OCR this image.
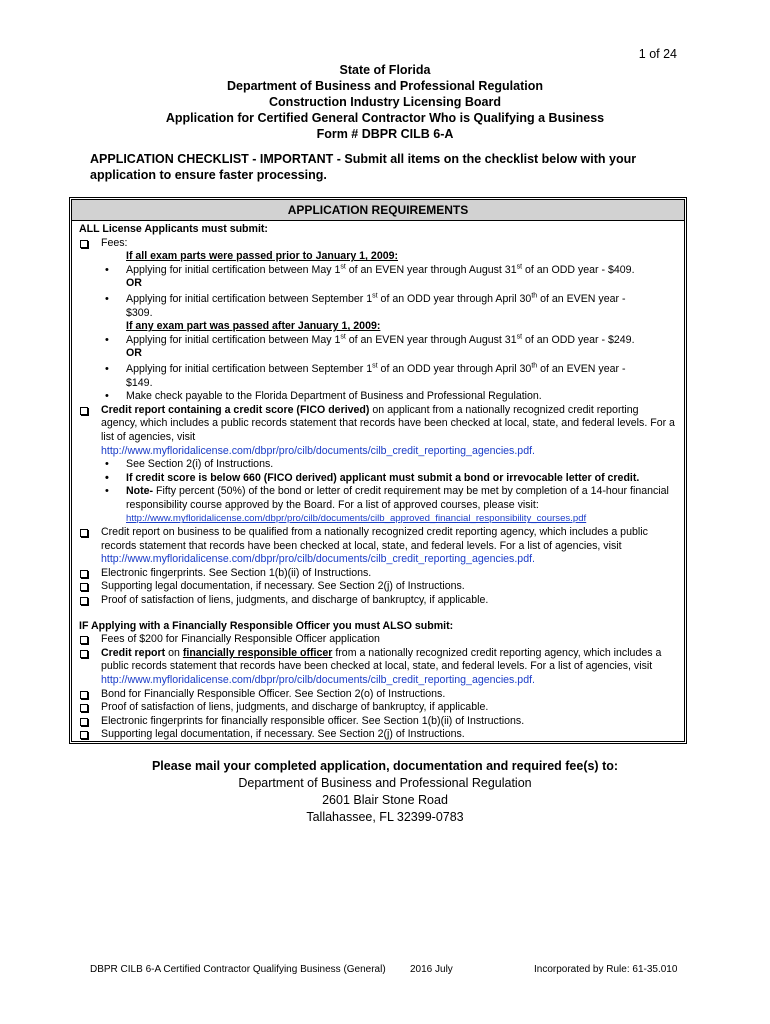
1 of 24
State of Florida
Department of Business and Professional Regulation
Construction Industry Licensing Board
Application for Certified General Contractor Who is Qualifying a Business
Form # DBPR CILB 6-A
APPLICATION CHECKLIST - IMPORTANT - Submit all items on the checklist below with your application to ensure faster processing.
APPLICATION REQUIREMENTS
ALL License Applicants must submit:
Fees:
If all exam parts were passed prior to January 1, 2009:
• Applying for initial certification between May 1st of an EVEN year through August 31st of an ODD year - $409.
OR
• Applying for initial certification between September 1st of an ODD year through April 30th of an EVEN year -
$309.
If any exam part was passed after January 1, 2009:
• Applying for initial certification between May 1st of an EVEN year through August 31st of an ODD year - $249.
OR
• Applying for initial certification between September 1st of an ODD year through April 30th of an EVEN year -
$149.
• Make check payable to the Florida Department of Business and Professional Regulation.
Credit report containing a credit score (FICO derived) on applicant from a nationally recognized credit reporting agency, which includes a public records statement that records have been checked at local, state, and federal levels. For a list of agencies, visit
http://www.myfloridalicense.com/dbpr/pro/cilb/documents/cilb_credit_reporting_agencies.pdf.
• See Section 2(i) of Instructions.
• If credit score is below 660 (FICO derived) applicant must submit a bond or irrevocable letter of credit.
• Note- Fifty percent (50%) of the bond or letter of credit requirement may be met by completion of a 14-hour financial responsibility course approved by the Board. For a list of approved courses, please visit:
http://www.myfloridalicense.com/dbpr/pro/cilb/documents/cilb_approved_financial_responsibility_courses.pdf
Credit report on business to be qualified from a nationally recognized credit reporting agency, which includes a public records statement that records have been checked at local, state, and federal levels. For a list of agencies, visit
http://www.myfloridalicense.com/dbpr/pro/cilb/documents/cilb_credit_reporting_agencies.pdf.
Electronic fingerprints. See Section 1(b)(ii) of Instructions.
Supporting legal documentation, if necessary. See Section 2(j) of Instructions.
Proof of satisfaction of liens, judgments, and discharge of bankruptcy, if applicable.
IF Applying with a Financially Responsible Officer you must ALSO submit:
Fees of $200 for Financially Responsible Officer application
Credit report on financially responsible officer from a nationally recognized credit reporting agency, which includes a public records statement that records have been checked at local, state, and federal levels. For a list of agencies, visit http://www.myfloridalicense.com/dbpr/pro/cilb/documents/cilb_credit_reporting_agencies.pdf.
Bond for Financially Responsible Officer. See Section 2(o) of Instructions.
Proof of satisfaction of liens, judgments, and discharge of bankruptcy, if applicable.
Electronic fingerprints for financially responsible officer. See Section 1(b)(ii) of Instructions.
Supporting legal documentation, if necessary. See Section 2(j) of Instructions.
Please mail your completed application, documentation and required fee(s) to:
Department of Business and Professional Regulation
2601 Blair Stone Road
Tallahassee, FL 32399-0783
DBPR CILB 6-A Certified Contractor Qualifying Business (General) 2016 July	Incorporated by Rule: 61-35.010
